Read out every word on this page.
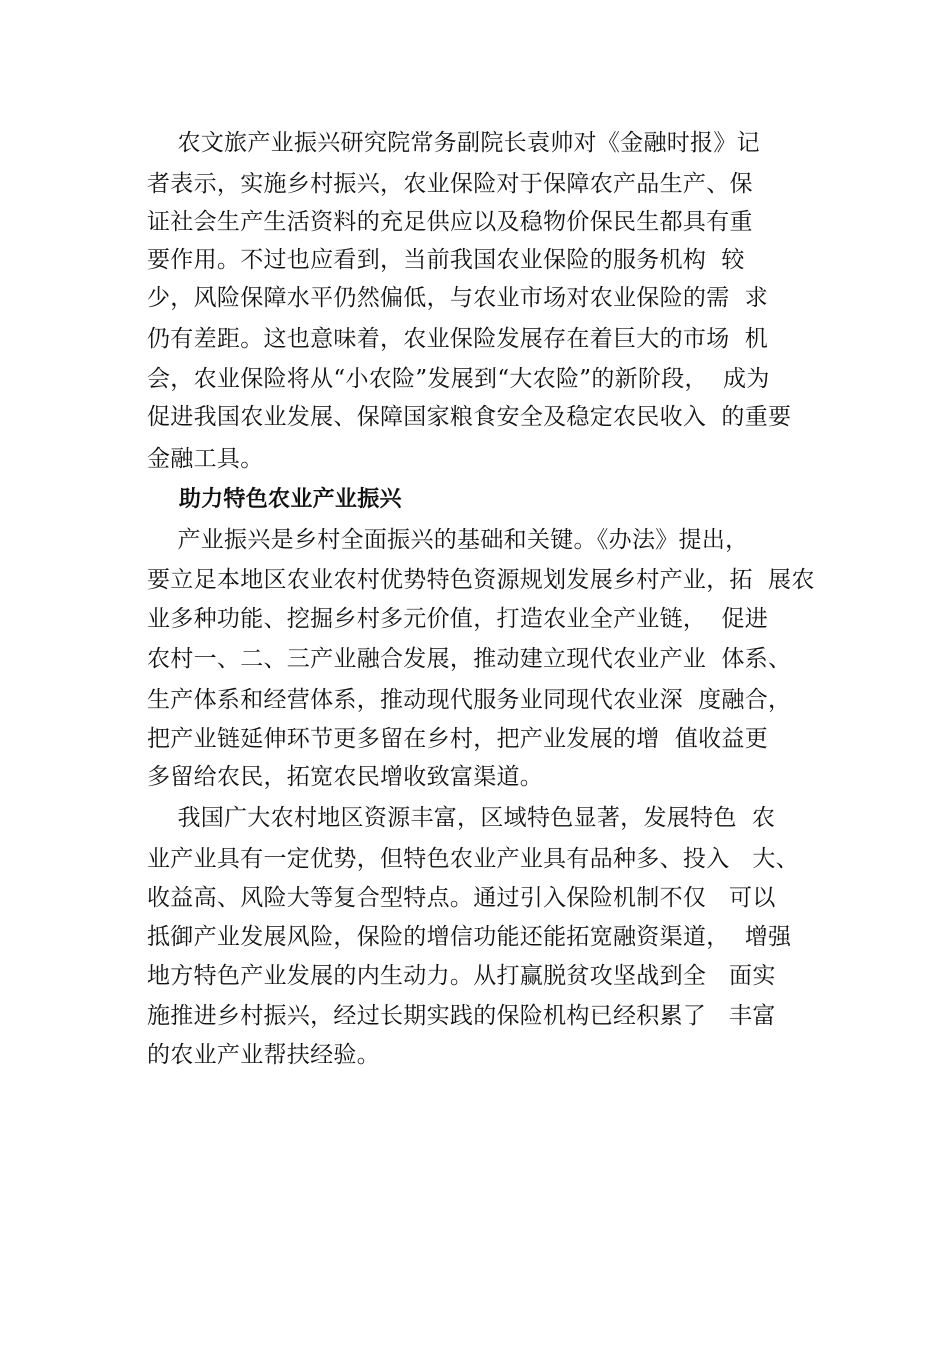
农文旅产业振兴研究院常务副院长袁帅对《金融时报》记
者表示，实施乡村振兴，农业保险对于保障农产品生产、保
证社会生产生活资料的充足供应以及稳物价保民生都具有重
要作用。不过也应看到，当前我国农业保险的服务机构  较
少，风险保障水平仍然偏低，与农业市场对农业保险的需  求
仍有差距。这也意味着，农业保险发展存在着巨大的市场  机
会，农业保险将从“小农险”发展到“大农险”的新阶段，  成为
促进我国农业发展、保障国家粮食安全及稳定农民收入  的重要
金融工具。
助力特色农业产业振兴
产业振兴是乡村全面振兴的基础和关键。《办法》提出，
要立足本地区农业农村优势特色资源规划发展乡村产业，拓  展农
业多种功能、挖掘乡村多元价值，打造农业全产业链，  促进
农村一、二、三产业融合发展，推动建立现代农业产业  体系、
生产体系和经营体系，推动现代服务业同现代农业深  度融合，
把产业链延伸环节更多留在乡村，把产业发展的增  值收益更
多留给农民，拓宽农民增收致富渠道。
我国广大农村地区资源丰富，区域特色显著，发展特色  农
业产业具有一定优势，但特色农业产业具有品种多、投入   大、
收益高、风险大等复合型特点。通过引入保险机制不仅   可以
抵御产业发展风险，保险的增信功能还能拓宽融资渠道，  增强
地方特色产业发展的内生动力。从打赢脱贫攻坚战到全   面实
施推进乡村振兴，经过长期实践的保险机构已经积累了   丰富
的农业产业帮扶经验。
